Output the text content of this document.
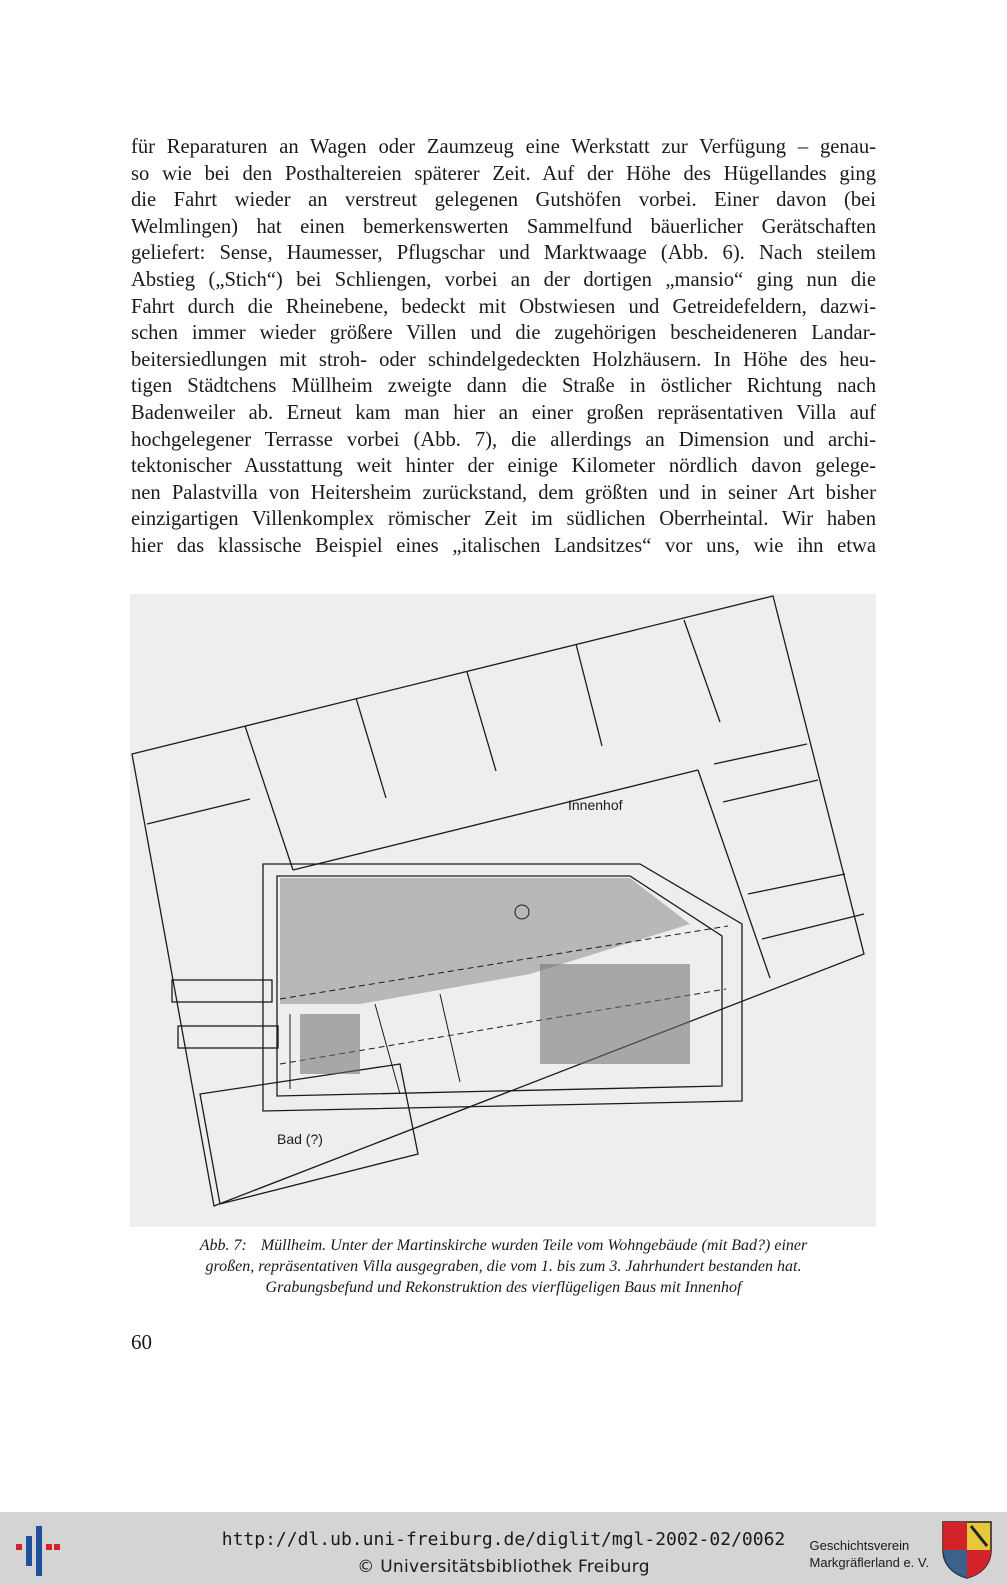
für Reparaturen an Wagen oder Zaumzeug eine Werkstatt zur Verfügung – genau-
so wie bei den Posthaltereien späterer Zeit. Auf der Höhe des Hügellandes ging
die Fahrt wieder an verstreut gelegenen Gutshöfen vorbei. Einer davon (bei
Welmlingen) hat einen bemerkenswerten Sammelfund bäuerlicher Gerätschaften
geliefert: Sense, Haumesser, Pflugschar und Marktwaage (Abb. 6). Nach steilem
Abstieg („Stich“) bei Schliengen, vorbei an der dortigen „mansio“ ging nun die
Fahrt durch die Rheinebene, bedeckt mit Obstwiesen und Getreidefeldern, dazwi-
schen immer wieder größere Villen und die zugehörigen bescheideneren Landar-
beitersiedlungen mit stroh- oder schindelgedeckten Holzhäusern. In Höhe des heu-
tigen Städtchens Müllheim zweigte dann die Straße in östlicher Richtung nach
Badenweiler ab. Erneut kam man hier an einer großen repräsentativen Villa auf
hochgelegener Terrasse vorbei (Abb. 7), die allerdings an Dimension und archi-
tektonischer Ausstattung weit hinter der einige Kilometer nördlich davon gelege-
nen Palastvilla von Heitersheim zurückstand, dem größten und in seiner Art bisher
einzigartigen Villenkomplex römischer Zeit im südlichen Oberrheintal. Wir haben
hier das klassische Beispiel eines „italischen Landsitzes“ vor uns, wie ihn etwa
Innenhof
Bad (?)
Abb. 7: Müllheim. Unter der Martinskirche wurden Teile vom Wohngebäude (mit Bad?) einer
großen, repräsentativen Villa ausgegraben, die vom 1. bis zum 3. Jahrhundert bestanden hat.
Grabungsbefund und Rekonstruktion des vierflügeligen Baus mit Innenhof
60
http://dl.ub.uni-freiburg.de/diglit/mgl-2002-02/0062
© Universitätsbibliothek Freiburg
Geschichtsverein
Markgräflerland e. V.
